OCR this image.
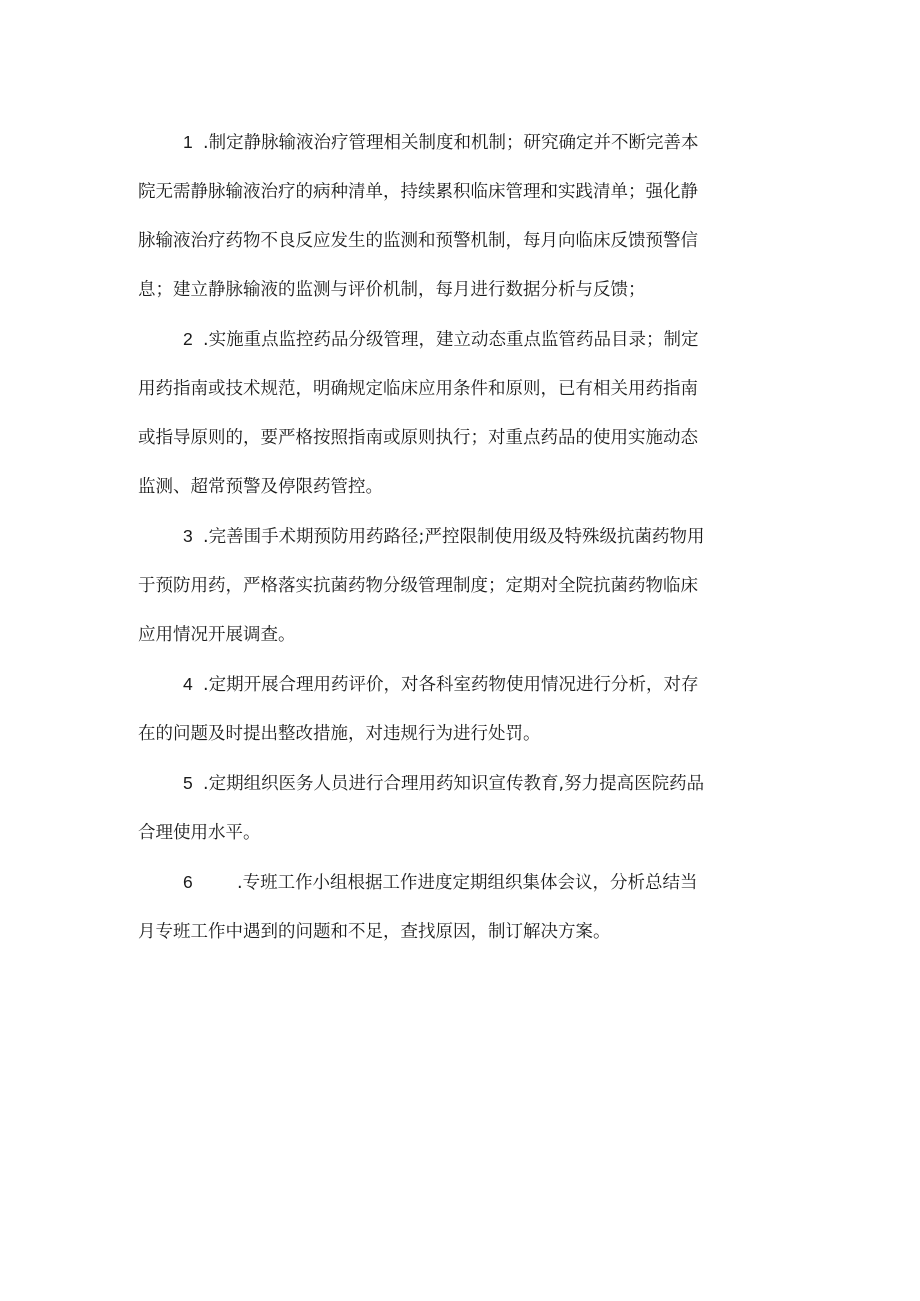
1 .制定静脉输液治疗管理相关制度和机制；研究确定并不断完善本
院无需静脉输液治疗的病种清单，持续累积临床管理和实践清单；强化静
脉输液治疗药物不良反应发生的监测和预警机制，每月向临床反馈预警信
息；建立静脉输液的监测与评价机制，每月进行数据分析与反馈；
2 .实施重点监控药品分级管理，建立动态重点监管药品目录；制定
用药指南或技术规范，明确规定临床应用条件和原则，已有相关用药指南
或指导原则的，要严格按照指南或原则执行；对重点药品的使用实施动态
监测、超常预警及停限药管控。
3 .完善围手术期预防用药路径;严控限制使用级及特殊级抗菌药物用
于预防用药，严格落实抗菌药物分级管理制度；定期对全院抗菌药物临床
应用情况开展调查。
4 .定期开展合理用药评价，对各科室药物使用情况进行分析，对存
在的问题及时提出整改措施，对违规行为进行处罚。
5 .定期组织医务人员进行合理用药知识宣传教育,努力提高医院药品
合理使用水平。
6	.专班工作小组根据工作进度定期组织集体会议，分析总结当
月专班工作中遇到的问题和不足，查找原因，制订解决方案。
